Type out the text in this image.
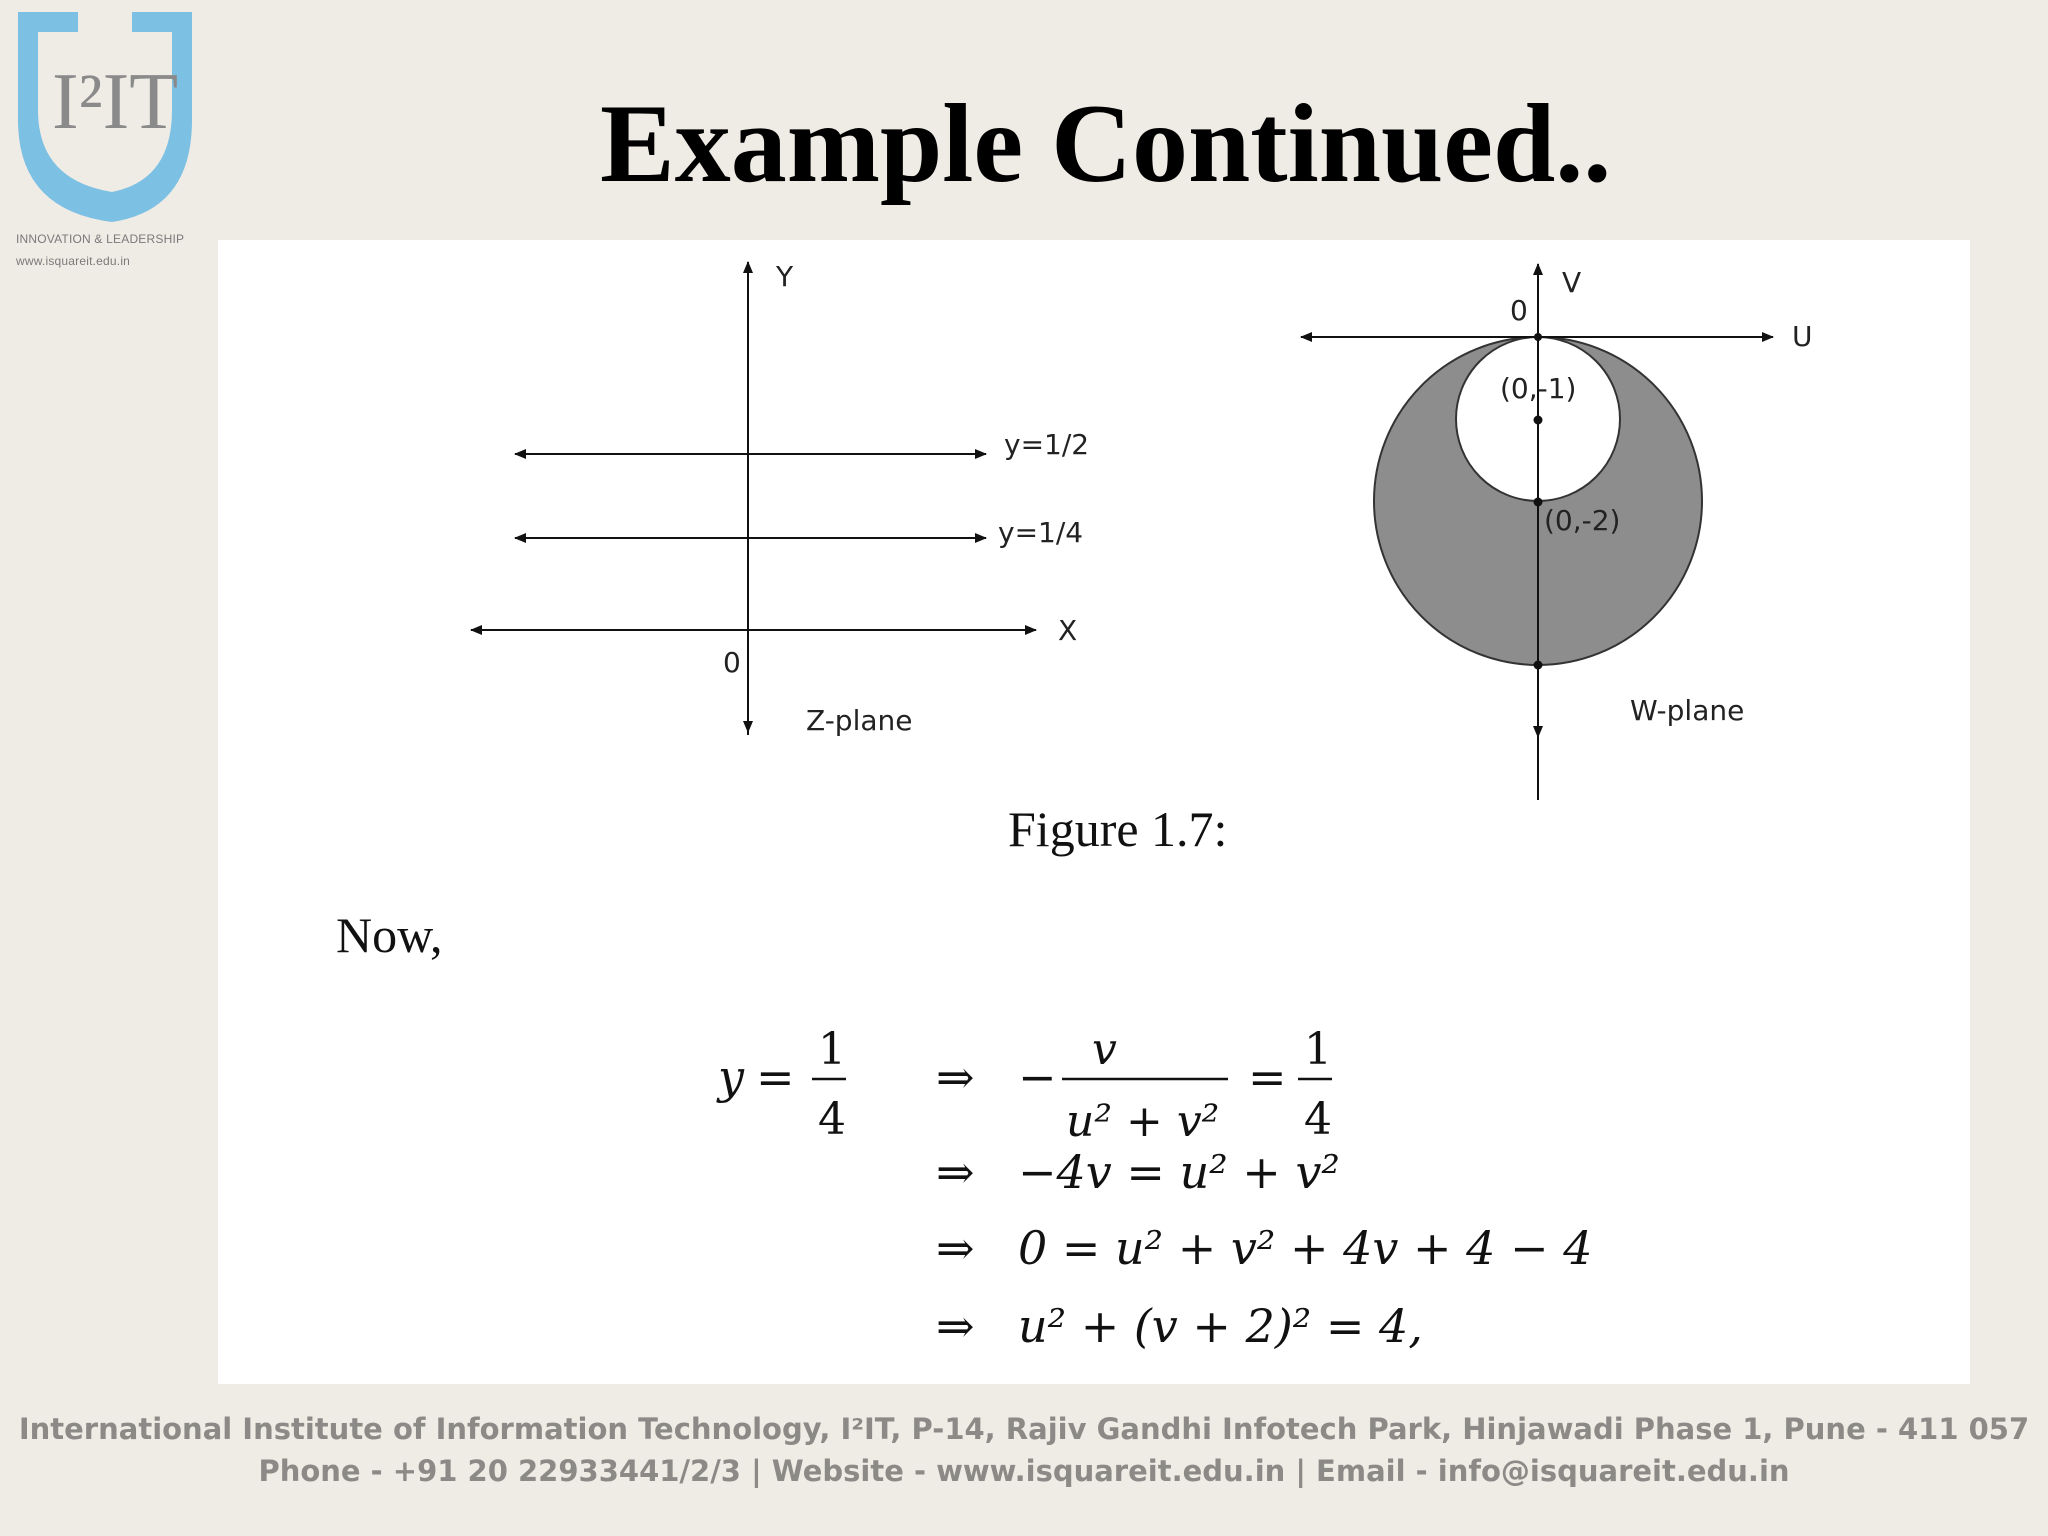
I²IT
INNOVATION & LEADERSHIP
www.isquareit.edu.in
Example Continued..
Y
X
0
y=1/2
y=1/4
Z-plane
V
U
0
(0,-1)
(0,-2)
W-plane
Figure 1.7:
Now,
y =
1
4
⇒ −
v
u² + v²
=
1
4
⇒ −4v = u² + v²
⇒ 0 = u² + v² + 4v + 4 − 4
⇒ u² + (v + 2)² = 4,
International Institute of Information Technology, I²IT, P-14, Rajiv Gandhi Infotech Park, Hinjawadi Phase 1, Pune - 411 057
Phone - +91 20 22933441/2/3 | Website - www.isquareit.edu.in | Email - info@isquareit.edu.in
